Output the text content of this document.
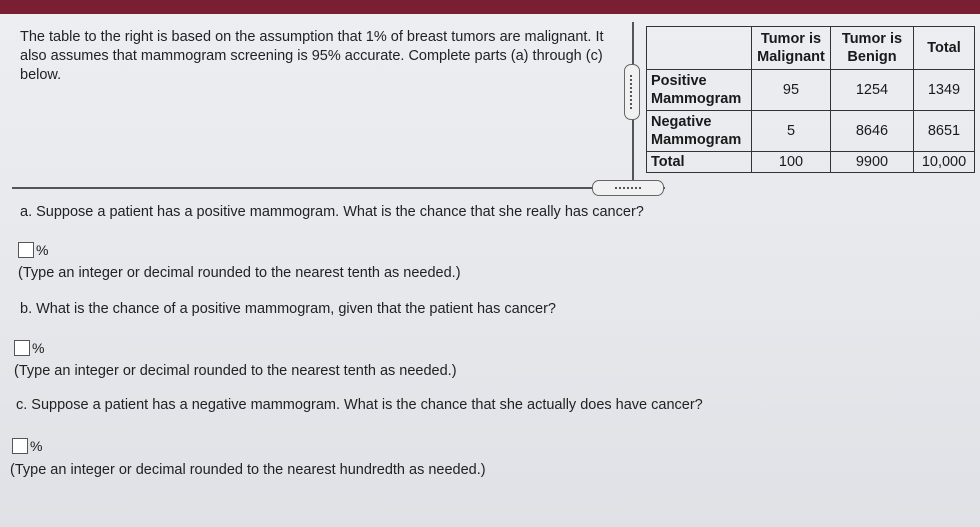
The table to the right is based on the assumption that 1% of breast tumors are malignant. It also assumes that mammogram screening is 95% accurate. Complete parts (a) through (c) below.
	Tumor is Malignant	Tumor is Benign	Total
Positive Mammogram	95	1254	1349
Negative Mammogram	5	8646	8651
Total	100	9900	10,000
a. Suppose a patient has a positive mammogram. What is the chance that she really has cancer?
%
(Type an integer or decimal rounded to the nearest tenth as needed.)
b. What is the chance of a positive mammogram, given that the patient has cancer?
%
(Type an integer or decimal rounded to the nearest tenth as needed.)
c. Suppose a patient has a negative mammogram. What is the chance that she actually does have cancer?
%
(Type an integer or decimal rounded to the nearest hundredth as needed.)
